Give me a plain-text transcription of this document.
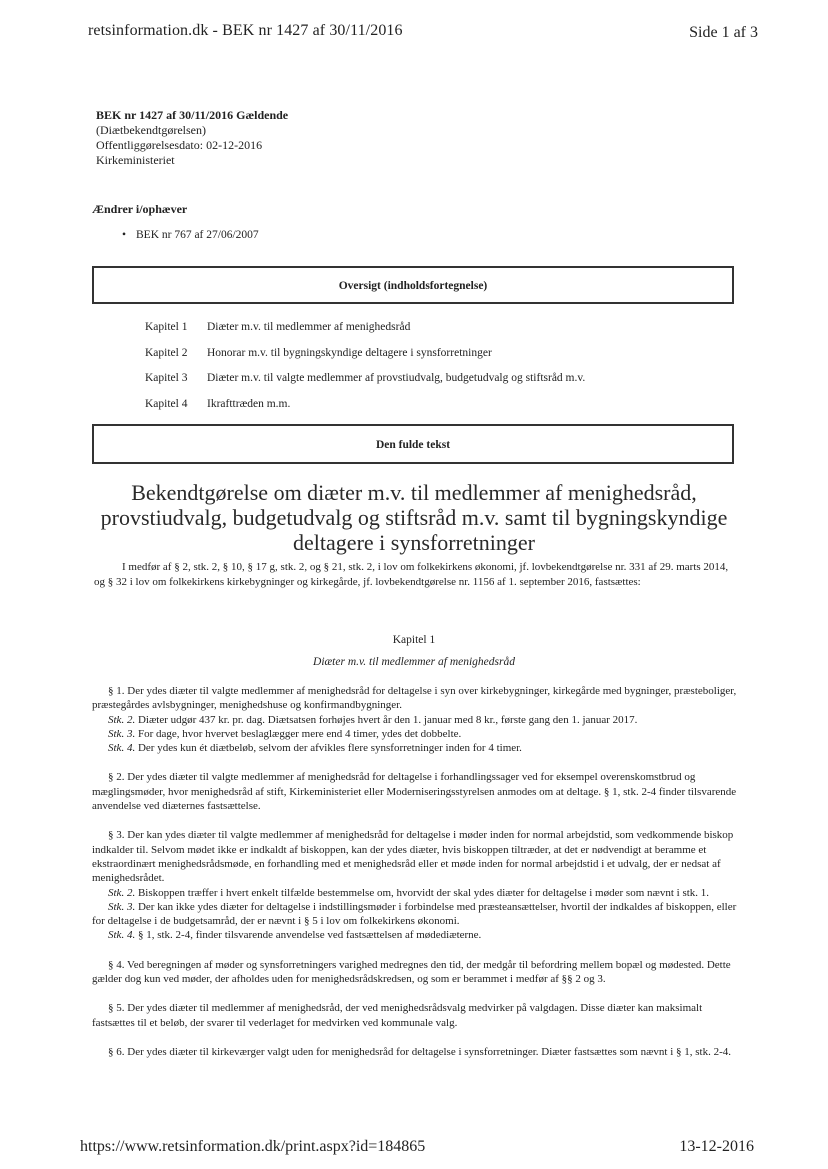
retsinformation.dk - BEK nr 1427 af 30/11/2016	Side 1 af 3
BEK nr 1427 af 30/11/2016 Gældende
(Diætbekendtgørelsen)
Offentliggørelsesdato: 02-12-2016
Kirkeministeriet
Ændrer i/ophæver
• BEK nr 767 af 27/06/2007
Oversigt (indholdsfortegnelse)
Kapitel 1	Diæter m.v. til medlemmer af menighedsråd
Kapitel 2	Honorar m.v. til bygningskyndige deltagere i synsforretninger
Kapitel 3	Diæter m.v. til valgte medlemmer af provstiudvalg, budgetudvalg og stiftsråd m.v.
Kapitel 4	Ikrafttræden m.m.
Den fulde tekst
Bekendtgørelse om diæter m.v. til medlemmer af menighedsråd, provstiudvalg, budgetudvalg og stiftsråd m.v. samt til bygningskyndige deltagere i synsforretninger
I medfør af § 2, stk. 2, § 10, § 17 g, stk. 2, og § 21, stk. 2, i lov om folkekirkens økonomi, jf. lovbekendtgørelse nr. 331 af 29. marts 2014, og § 32 i lov om folkekirkens kirkebygninger og kirkegårde, jf. lovbekendtgørelse nr. 1156 af 1. september 2016, fastsættes:
Kapitel 1
Diæter m.v. til medlemmer af menighedsråd

§ 1. Der ydes diæter til valgte medlemmer af menighedsråd for deltagelse i syn over kirkebygninger, kirkegårde med bygninger, præsteboliger, præstegårdes avlsbygninger, menighedshuse og konfirmandbygninger.

Stk. 2. Diæter udgør 437 kr. pr. dag. Diætsatsen forhøjes hvert år den 1. januar med 8 kr., første gang den 1. januar 2017.

Stk. 3. For dage, hvor hvervet beslaglægger mere end 4 timer, ydes det dobbelte.

Stk. 4. Der ydes kun ét diætbeløb, selvom der afvikles flere synsforretninger inden for 4 timer.

§ 2. Der ydes diæter til valgte medlemmer af menighedsråd for deltagelse i forhandlingssager ved for eksempel overenskomstbrud og mæglingsmøder, hvor menighedsråd af stift, Kirkeministeriet eller Moderniseringsstyrelsen anmodes om at deltage. § 1, stk. 2-4 finder tilsvarende anvendelse ved diæternes fastsættelse.

§ 3. Der kan ydes diæter til valgte medlemmer af menighedsråd for deltagelse i møder inden for normal arbejdstid, som vedkommende biskop indkalder til. Selvom mødet ikke er indkaldt af biskoppen, kan der ydes diæter, hvis biskoppen tiltræder, at det er nødvendigt at beramme et ekstraordinært menighedsrådsmøde, en forhandling med et menighedsråd eller et møde inden for normal arbejdstid i et udvalg, der er nedsat af menighedsrådet.

Stk. 2. Biskoppen træffer i hvert enkelt tilfælde bestemmelse om, hvorvidt der skal ydes diæter for deltagelse i møder som nævnt i stk. 1.

Stk. 3. Der kan ikke ydes diæter for deltagelse i indstillingsmøder i forbindelse med præsteansættelser, hvortil der indkaldes af biskoppen, eller for deltagelse i de budgetsamråd, der er nævnt i § 5 i lov om folkekirkens økonomi.

Stk. 4. § 1, stk. 2-4, finder tilsvarende anvendelse ved fastsættelsen af mødediæterne.

§ 4. Ved beregningen af møder og synsforretningers varighed medregnes den tid, der medgår til befordring mellem bopæl og mødested. Dette gælder dog kun ved møder, der afholdes uden for menighedsrådskredsen, og som er berammet i medfør af §§ 2 og 3.

§ 5. Der ydes diæter til medlemmer af menighedsråd, der ved menighedsrådsvalg medvirker på valgdagen. Disse diæter kan maksimalt fastsættes til et beløb, der svarer til vederlaget for medvirken ved kommunale valg.

§ 6. Der ydes diæter til kirkeværger valgt uden for menighedsråd for deltagelse i synsforretninger. Diæter fastsættes som nævnt i § 1, stk. 2-4.

https://www.retsinformation.dk/print.aspx?id=184865	13-12-2016
